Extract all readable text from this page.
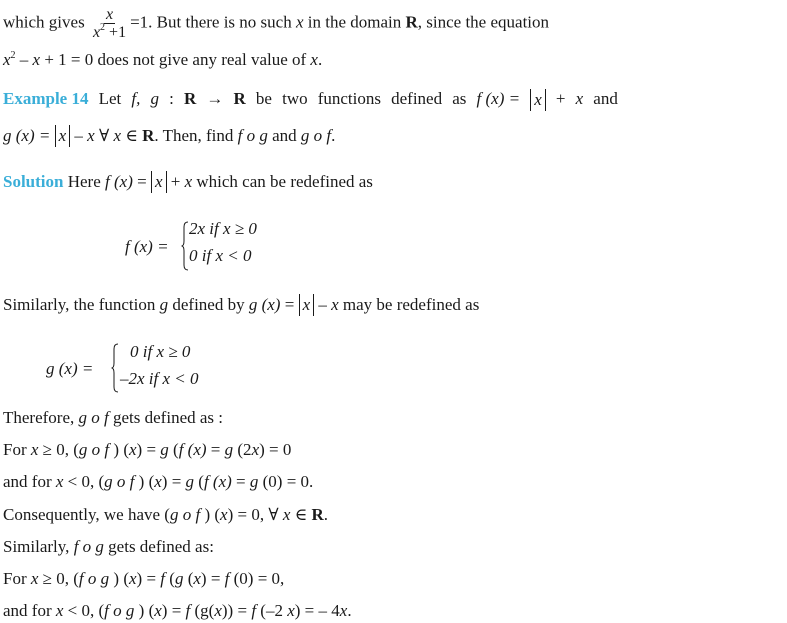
which gives $\frac{x}{x^2 +1} =1$. But there is no such x in the domain R, since the equation
$x^2 - x + 1 = 0$ does not give any real value of x.
Example 14 Let f, g : R → R be two functions defined as f (x) = x + x and
g (x) = x – x ∀ x ∈ R. Then, find f o g and g o f.
Solution Here f (x) = x + x which can be redefined as
f (x) =
2x if x ≥ 0
0 if x < 0
Similarly, the function g defined by g (x) = x – x may be redefined as
g (x) =
0 if x ≥ 0
–2x if x < 0
Therefore, g o f gets defined as :
For x ≥ 0, (g o f ) (x) = g (f (x) = g (2x) = 0
and for x < 0, (g o f ) (x) = g (f (x) = g (0) = 0.
Consequently, we have (g o f ) (x) = 0, ∀ x ∈ R.
Similarly, f o g gets defined as:
For x ≥ 0, (f o g ) (x) = f (g (x) = f (0) = 0,
and for x < 0, (f o g ) (x) = f (g(x)) = f (–2 x) = – 4x.
